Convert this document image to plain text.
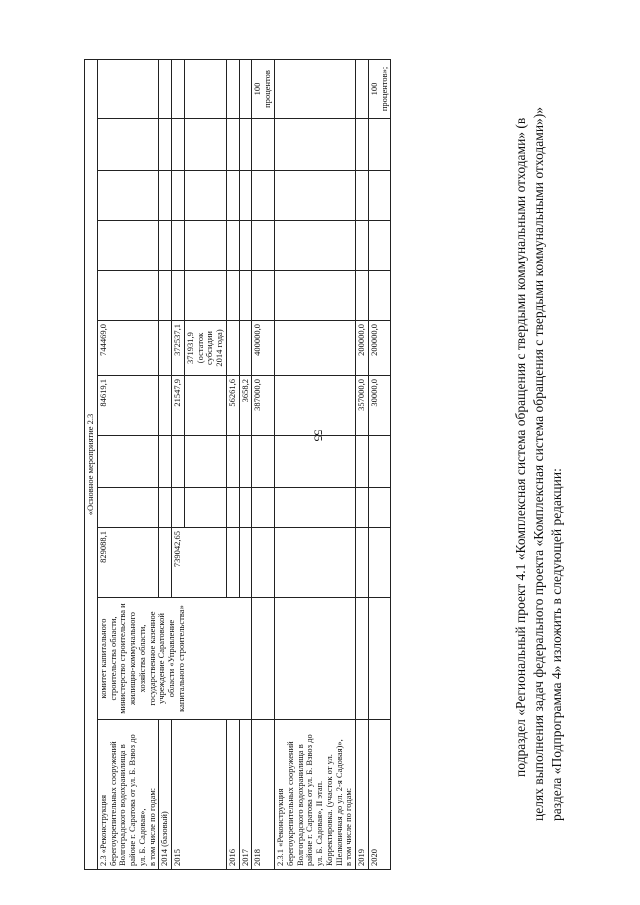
55
«Основное мероприятие 2.3											
2.3 «Реконструкция берегоукрепительных сооружений Волгоградского водохранилища в районе г. Саратова от ул. Б. Взвоз до ул. Б. Садовая»,
в том числе по годам:	комитет капитального строительства области, министерство строительства и жилищно-коммунального хозяйства области, государственное казенное учреждение Саратовской области «Управление капитального строительства»	829088,1			84619,1	744469,0					
2014 (базовый)											
2015		739042,65			21547,9	372537,1					
						371931,9 (остаток субсидии 2014 года)					
2016					56261,6						
2017					3658,2						
2018					387000,0	400000,0					100 процентов
2.3.1 «Реконструкция берегоукрепительных сооружений Волгоградского водохранилища в районе г. Саратова от ул. Б. Взвоз до ул. Б. Садовая», II этап. Корректировка. (участок от ул. Шелковичная до ул. 2-я Садовая)»,
в том числе по годам:											
2019					357000,0	200000,0					
2020					30000,0	200000,0					100 процентов»;

подраздел «Региональный проект 4.1 «Комплексная система обращения с твердыми коммунальными отходами» (в целях выполнения задач федерального проекта «Комплексная система обращения с твердыми коммунальными отходами»)» раздела «Подпрограмма 4» изложить в следующей редакции:
